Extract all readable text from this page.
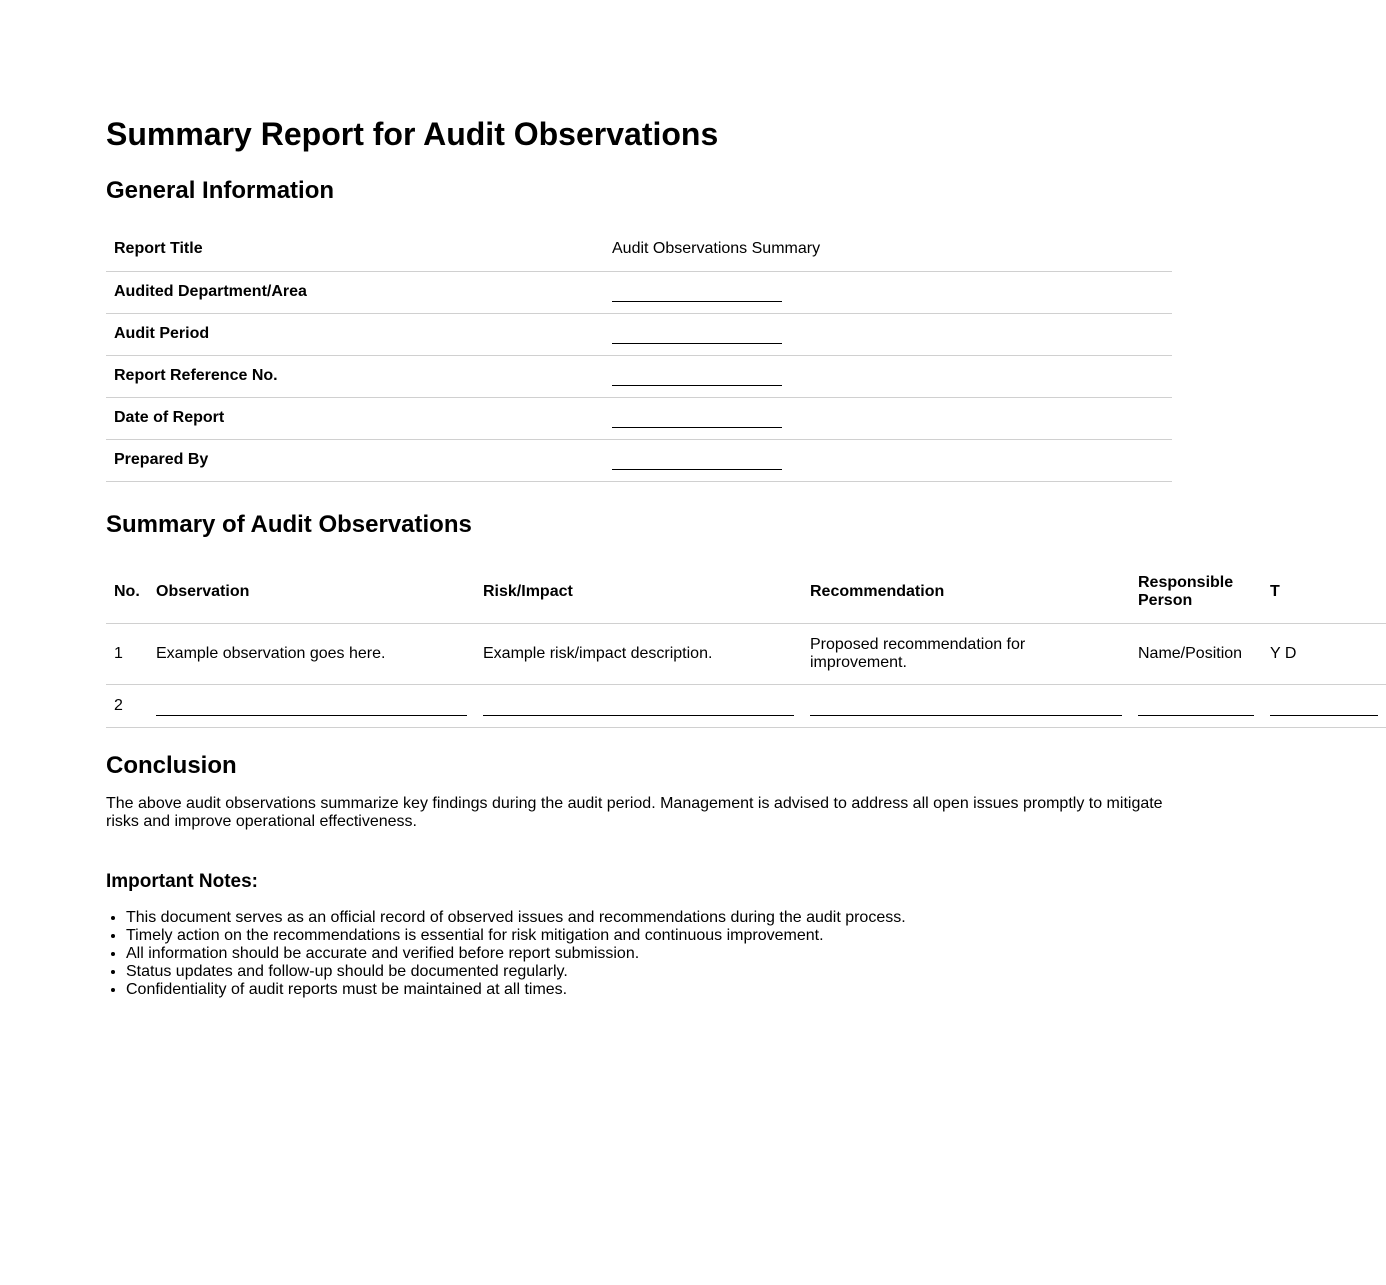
Summary Report for Audit Observations
General Information
Report Title	Audit Observations Summary
Audited Department/Area	
Audit Period	
Report Reference No.	
Date of Report	
Prepared By	
Summary of Audit Observations
No.	Observation	Risk/Impact	Recommendation	Responsible Person	T
1	Example observation goes here.	Example risk/impact description.	Proposed recommendation for improvement.	Name/Position	Y D
2	

Conclusion

The above audit observations summarize key findings during the audit period. Management is advised to address all open issues promptly to mitigate risks and improve operational effectiveness.

Important Notes:
• This document serves as an official record of observed issues and recommendations during the audit process.
• Timely action on the recommendations is essential for risk mitigation and continuous improvement.
• All information should be accurate and verified before report submission.
• Status updates and follow-up should be documented regularly.
• Confidentiality of audit reports must be maintained at all times.
